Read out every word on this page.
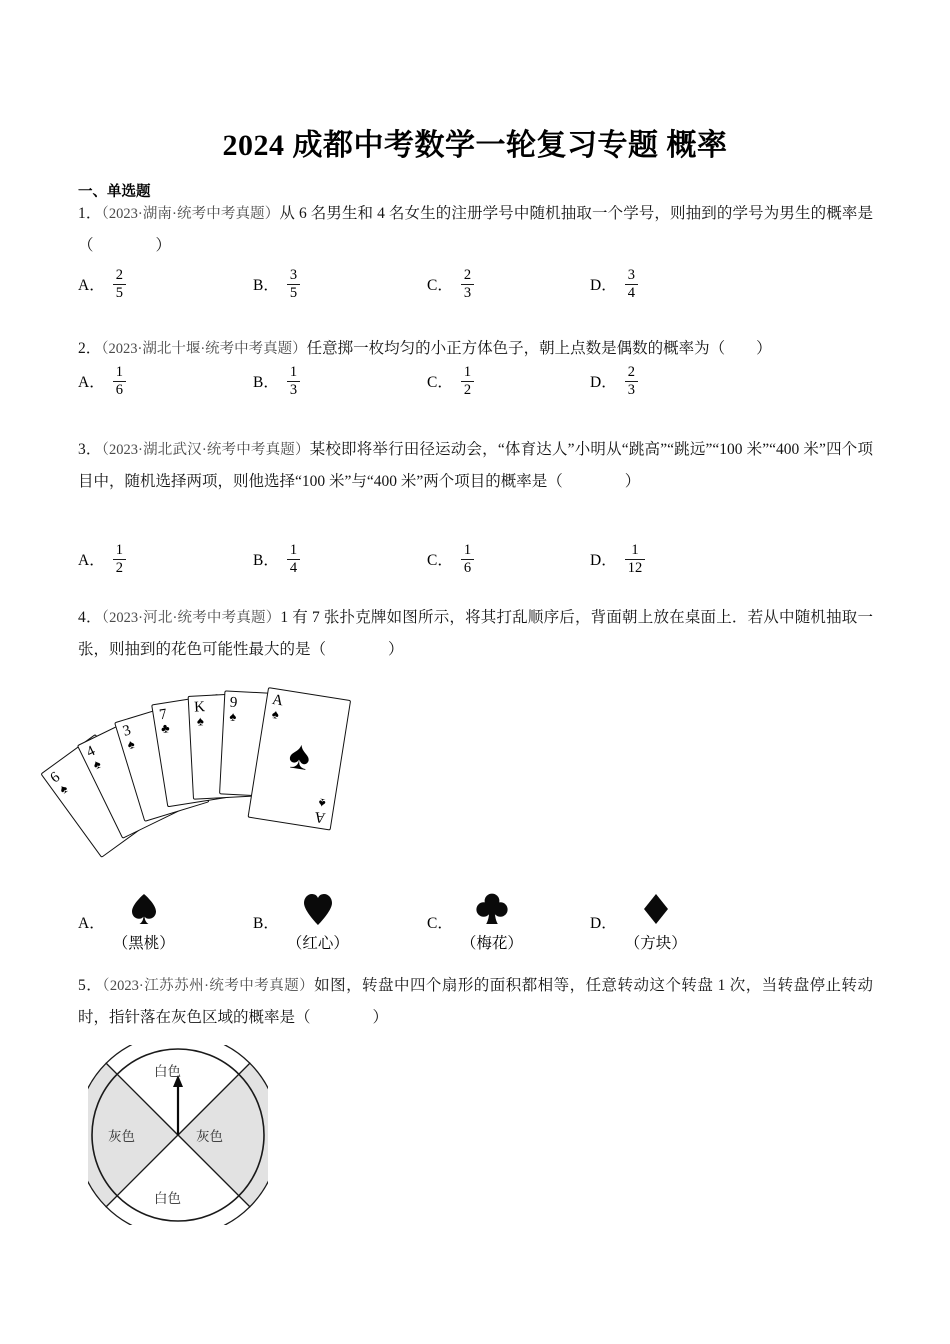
2024 成都中考数学一轮复习专题 概率
一、单选题
1．（2023·湖南·统考中考真题）从 6 名男生和 4 名女生的注册学号中随机抽取一个学号，则抽到的学号为男生的概率是（　　　　）
A． $\frac{2}{5}$	B． $\frac{3}{5}$	C． $\frac{2}{3}$	D． $\frac{3}{4}$
2．（2023·湖北十堰·统考中考真题）任意掷一枚均匀的小正方体色子，朝上点数是偶数的概率为（　　）
A． $\frac{1}{6}$	B． $\frac{1}{3}$	C． $\frac{1}{2}$	D． $\frac{2}{3}$
3．（2023·湖北武汉·统考中考真题）某校即将举行田径运动会，“体育达人”小明从“跳高”“跳远”“100 米”“400 米”四个项目中，随机选择两项，则他选择“100 米”与“400 米”两个项目的概率是（　　　　）
A． $\frac{1}{2}$	B． $\frac{1}{4}$	C． $\frac{1}{6}$	D． $\frac{1}{12}$
4．（2023·河北·统考中考真题）1 有 7 张扑克牌如图所示，将其打乱顺序后，背面朝上放在桌面上．若从中随机抽取一张，则抽到的花色可能性最大的是（　　　　）
6
♠
4
♠
3
♠
7
♣
K
♠
9
♠
A
♠
♠
♠
A
A．
（黑桃）
B．
（红心）
C．
（梅花）
D．
（方块）
5．（2023·江苏苏州·统考中考真题）如图，转盘中四个扇形的面积都相等，任意转动这个转盘 1 次，当转盘停止转动时，指针落在灰色区域的概率是（　　　　）
白色
灰色
白色
灰色
